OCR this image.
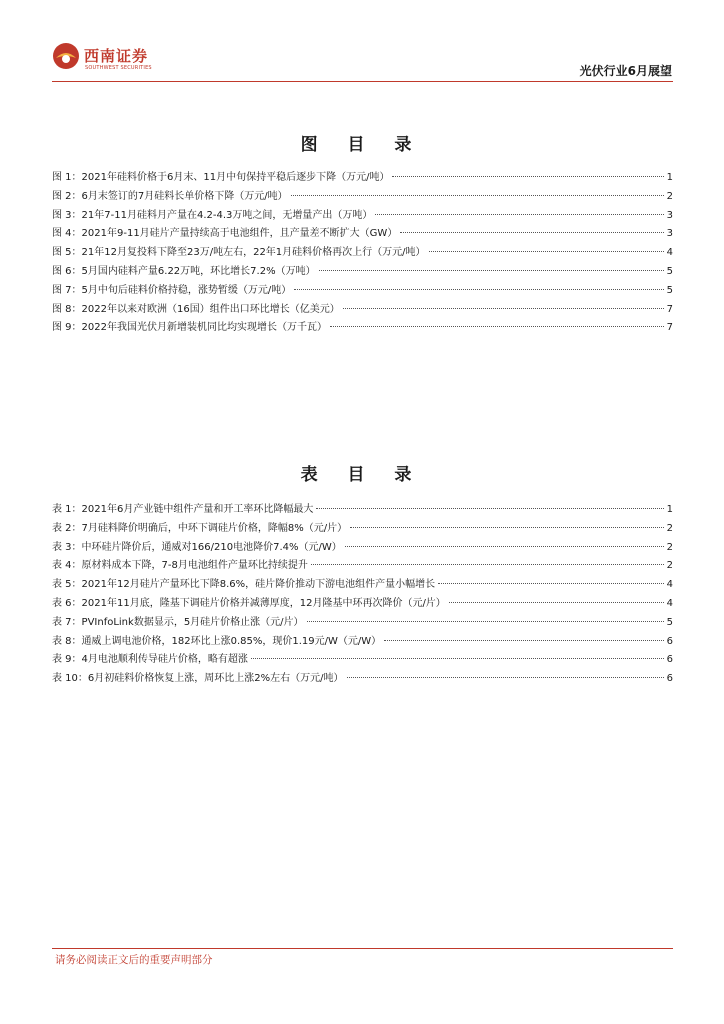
西南证券
SOUTHWEST SECURITIES	光伏行业6月展望
图 目 录
图 1：2021年硅料价格于6月末、11月中旬保持平稳后逐步下降（万元/吨）	1
图 2：6月末签订的7月硅料长单价格下降（万元/吨）	2
图 3：21年7-11月硅料月产量在4.2-4.3万吨之间，无增量产出（万吨）	3
图 4：2021年9-11月硅片产量持续高于电池组件，且产量差不断扩大（GW）	3
图 5：21年12月复投料下降至23万/吨左右，22年1月硅料价格再次上行（万元/吨）	4
图 6：5月国内硅料产量6.22万吨，环比增长7.2%（万吨）	5
图 7：5月中旬后硅料价格持稳，涨势暂缓（万元/吨）	5
图 8：2022年以来对欧洲（16国）组件出口环比增长（亿美元）	7
图 9：2022年我国光伏月新增装机同比均实现增长（万千瓦）	7
表 目 录
表 1：2021年6月产业链中组件产量和开工率环比降幅最大	1
表 2：7月硅料降价明确后，中环下调硅片价格，降幅8%（元/片）	2
表 3：中环硅片降价后，通威对166/210电池降价7.4%（元/W）	2
表 4：原材料成本下降，7-8月电池组件产量环比持续提升	2
表 5：2021年12月硅片产量环比下降8.6%，硅片降价推动下游电池组件产量小幅增长	4
表 6：2021年11月底，隆基下调硅片价格并减薄厚度，12月隆基中环再次降价（元/片）	4
表 7：PVInfoLink数据显示，5月硅片价格止涨（元/片）	5
表 8：通威上调电池价格，182环比上涨0.85%，现价1.19元/W（元/W）	6
表 9：4月电池顺利传导硅片价格，略有超涨	6
表 10：6月初硅料价格恢复上涨，周环比上涨2%左右（万元/吨）	6
请务必阅读正文后的重要声明部分
